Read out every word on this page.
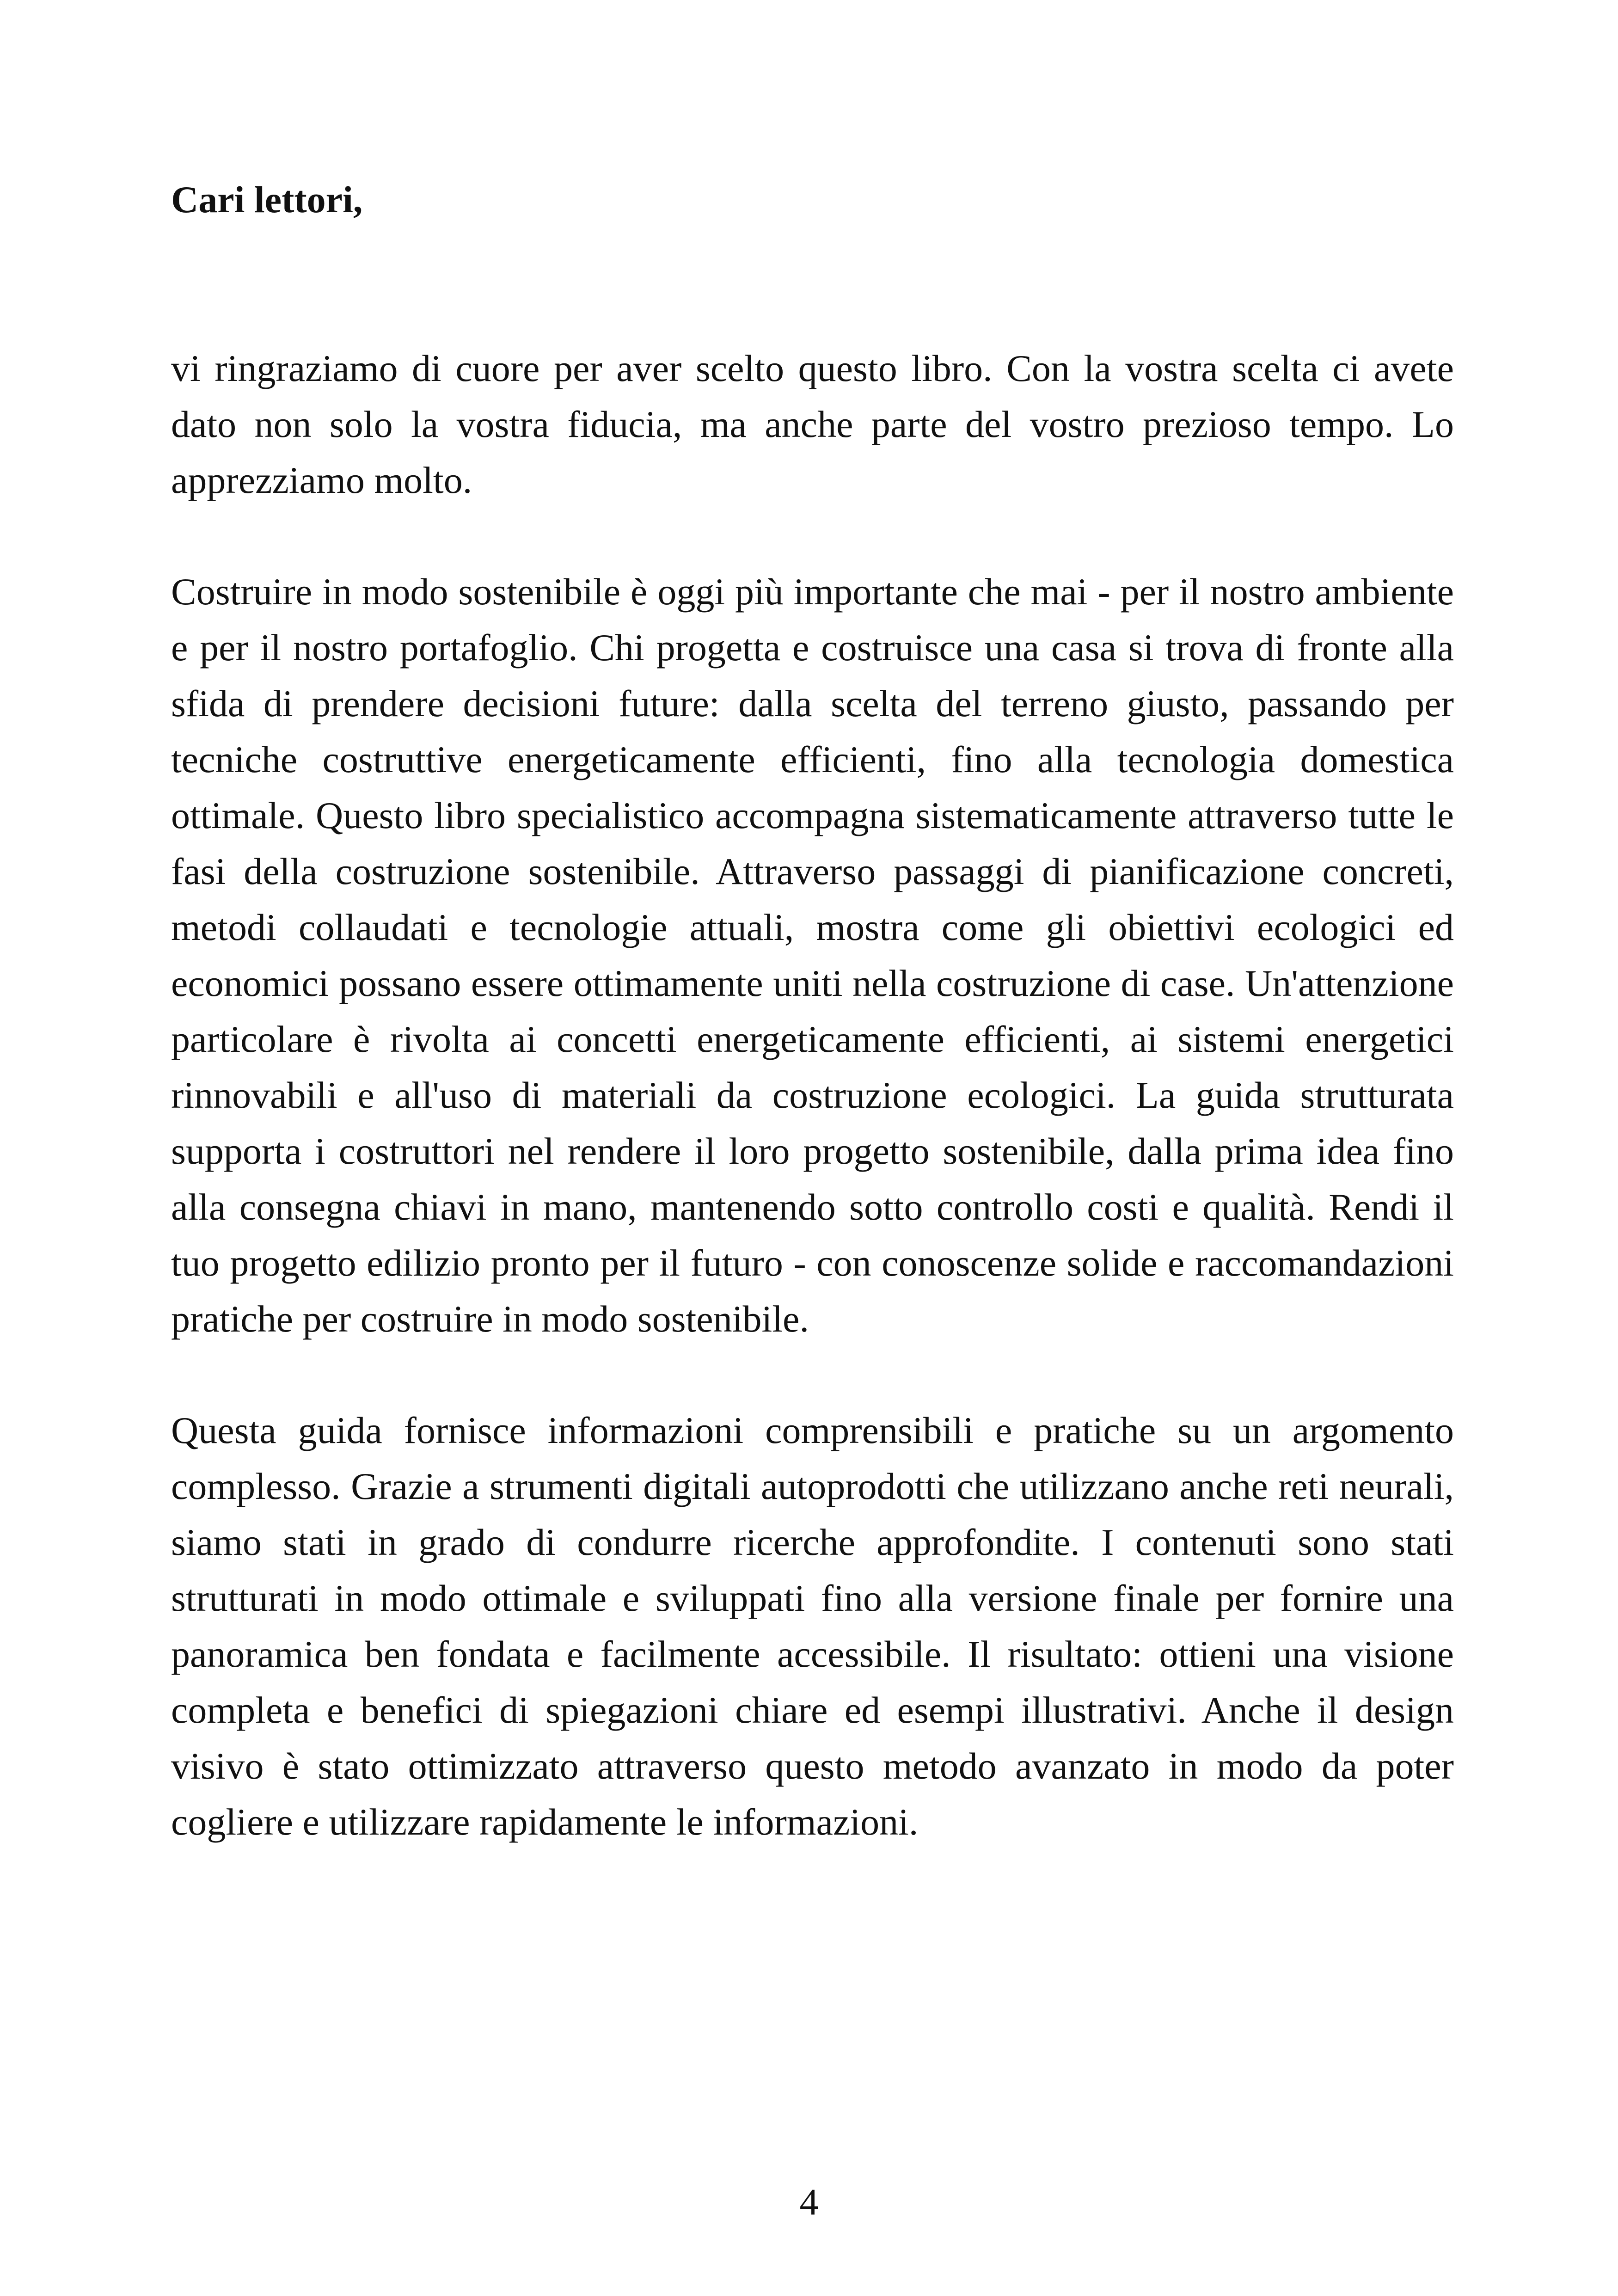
Cari lettori,

vi ringraziamo di cuore per aver scelto questo libro. Con la vostra scelta ci avete dato non solo la vostra fiducia, ma anche parte del vostro prezioso tempo. Lo apprezziamo molto.

Costruire in modo sostenibile è oggi più importante che mai - per il nostro ambiente e per il nostro portafoglio. Chi progetta e costruisce una casa si trova di fronte alla sfida di prendere decisioni future: dalla scelta del terreno giusto, passando per tecniche costruttive energeticamente efficienti, fino alla tecnologia domestica ottimale. Questo libro specialistico accompagna sistematicamente attraverso tutte le fasi della costruzione sostenibile. Attraverso passaggi di pianificazione concreti, metodi collaudati e tecnologie attuali, mostra come gli obiettivi ecologici ed economici possano essere ottimamente uniti nella costruzione di case. Un'attenzione particolare è rivolta ai concetti energeticamente efficienti, ai sistemi energetici rinnovabili e all'uso di materiali da costruzione ecologici. La guida strutturata supporta i costruttori nel rendere il loro progetto sostenibile, dalla prima idea fino alla consegna chiavi in mano, mantenendo sotto controllo costi e qualità. Rendi il tuo progetto edilizio pronto per il futuro - con conoscenze solide e raccomandazioni pratiche per costruire in modo sostenibile.

Questa guida fornisce informazioni comprensibili e pratiche su un argomento complesso. Grazie a strumenti digitali autoprodotti che utilizzano anche reti neurali, siamo stati in grado di condurre ricerche approfondite. I contenuti sono stati strutturati in modo ottimale e sviluppati fino alla versione finale per fornire una panoramica ben fondata e facilmente accessibile. Il risultato: ottieni una visione completa e benefici di spiegazioni chiare ed esempi illustrativi. Anche il design visivo è stato ottimizzato attraverso questo metodo avanzato in modo da poter cogliere e utilizzare rapidamente le informazioni.

4
